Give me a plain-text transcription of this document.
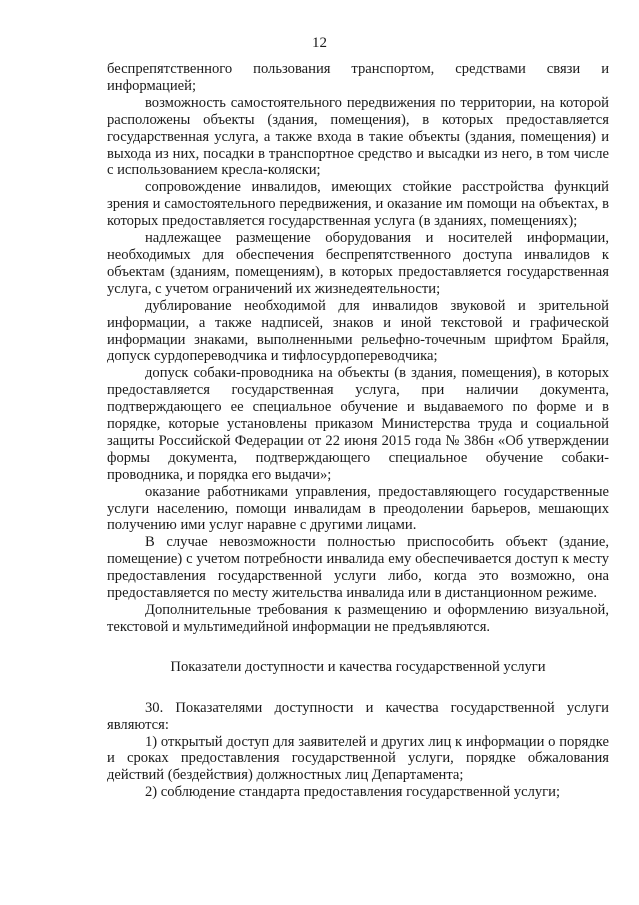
12

беспрепятственного пользования транспортом, средствами связи и информацией;

возможность самостоятельного передвижения по территории, на которой расположены объекты (здания, помещения), в которых предоставляется государственная услуга, а также входа в такие объекты (здания, помещения) и выхода из них, посадки в транспортное средство и высадки из него, в том числе с использованием кресла-коляски;

сопровождение инвалидов, имеющих стойкие расстройства функций зрения и самостоятельного передвижения, и оказание им помощи на объектах, в которых предоставляется государственная услуга (в зданиях, помещениях);

надлежащее размещение оборудования и носителей информации, необходимых для обеспечения беспрепятственного доступа инвалидов к объектам (зданиям, помещениям), в которых предоставляется государственная услуга, с учетом ограничений их жизнедеятельности;

дублирование необходимой для инвалидов звуковой и зрительной информации, а также надписей, знаков и иной текстовой и графической информации знаками, выполненными рельефно-точечным шрифтом Брайля, допуск сурдопереводчика и тифлосурдопереводчика;

допуск собаки-проводника на объекты (в здания, помещения), в которых предоставляется государственная услуга, при наличии документа, подтверждающего ее специальное обучение и выдаваемого по форме и в порядке, которые установлены приказом Министерства труда и социальной защиты Российской Федерации от 22 июня 2015 года № 386н «Об утверждении формы документа, подтверждающего специальное обучение собаки-проводника, и порядка его выдачи»;

оказание работниками управления, предоставляющего государственные услуги населению, помощи инвалидам в преодолении барьеров, мешающих получению ими услуг наравне с другими лицами.

В случае невозможности полностью приспособить объект (здание, помещение) с учетом потребности инвалида ему обеспечивается доступ к месту предоставления государственной услуги либо, когда это возможно, она предоставляется по месту жительства инвалида или в дистанционном режиме.

Дополнительные требования к размещению и оформлению визуальной, текстовой и мультимедийной информации не предъявляются.

Показатели доступности и качества государственной услуги

30. Показателями доступности и качества государственной услуги являются:

1) открытый доступ для заявителей и других лиц к информации о порядке и сроках предоставления государственной услуги, порядке обжалования действий (бездействия) должностных лиц Департамента;

2) соблюдение стандарта предоставления государственной услуги;
